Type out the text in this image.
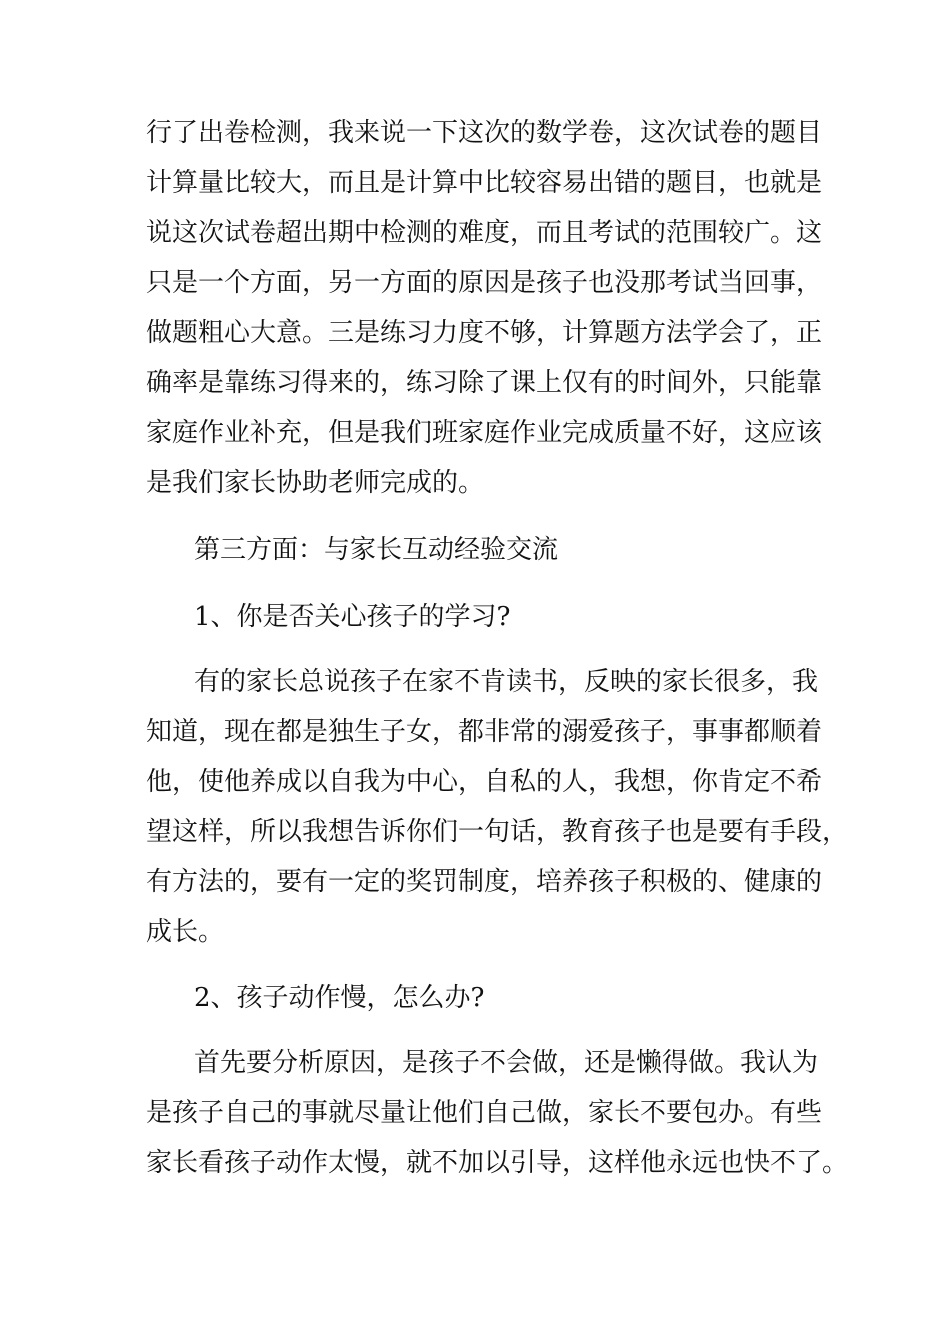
行了出卷检测，我来说一下这次的数学卷，这次试卷的题目
计算量比较大，而且是计算中比较容易出错的题目，也就是
说这次试卷超出期中检测的难度，而且考试的范围较广。这
只是一个方面，另一方面的原因是孩子也没那考试当回事，
做题粗心大意。三是练习力度不够，计算题方法学会了，正
确率是靠练习得来的，练习除了课上仅有的时间外，只能靠
家庭作业补充，但是我们班家庭作业完成质量不好，这应该
是我们家长协助老师完成的。
第三方面：与家长互动经验交流
1、你是否关心孩子的学习?
有的家长总说孩子在家不肯读书，反映的家长很多，我
知道，现在都是独生子女，都非常的溺爱孩子，事事都顺着
他，使他养成以自我为中心，自私的人，我想，你肯定不希
望这样，所以我想告诉你们一句话，教育孩子也是要有手段，
有方法的，要有一定的奖罚制度，培养孩子积极的、健康的
成长。
2、孩子动作慢，怎么办?
首先要分析原因，是孩子不会做，还是懒得做。我认为
是孩子自己的事就尽量让他们自己做，家长不要包办。有些
家长看孩子动作太慢，就不加以引导，这样他永远也快不了。
